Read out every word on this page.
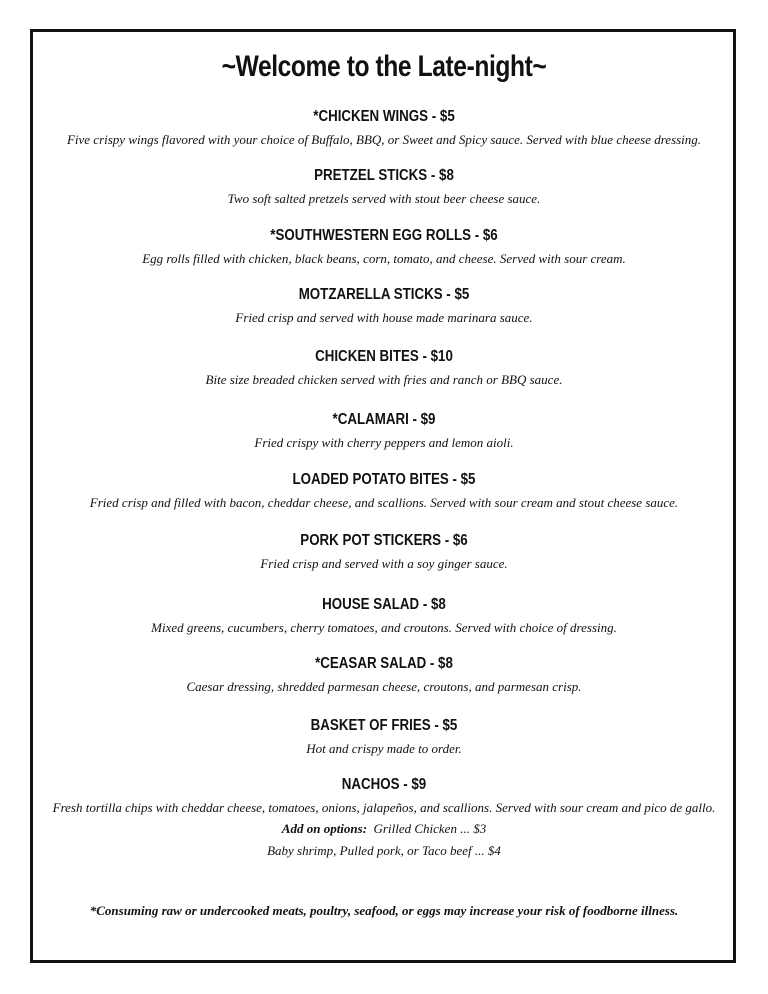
~Welcome to the Late-night~
*CHICKEN WINGS - $5
Five crispy wings flavored with your choice of Buffalo, BBQ, or Sweet and Spicy sauce. Served with blue cheese dressing.
PRETZEL STICKS - $8
Two soft salted pretzels served with stout beer cheese sauce.
*SOUTHWESTERN EGG ROLLS - $6
Egg rolls filled with chicken, black beans, corn, tomato, and cheese. Served with sour cream.
MOTZARELLA STICKS - $5
Fried crisp and served with house made marinara sauce.
CHICKEN BITES - $10
Bite size breaded chicken served with fries and ranch or BBQ sauce.
*CALAMARI - $9
Fried crispy with cherry peppers and lemon aioli.
LOADED POTATO BITES - $5
Fried crisp and filled with bacon, cheddar cheese, and scallions. Served with sour cream and stout cheese sauce.
PORK POT STICKERS - $6
Fried crisp and served with a soy ginger sauce.
HOUSE SALAD - $8
Mixed greens, cucumbers, cherry tomatoes, and croutons. Served with choice of dressing.
*CEASAR SALAD - $8
Caesar dressing, shredded parmesan cheese, croutons, and parmesan crisp.
BASKET OF FRIES - $5
Hot and crispy made to order.
NACHOS - $9
Fresh tortilla chips with cheddar cheese, tomatoes, onions, jalapeños, and scallions. Served with sour cream and pico de gallo.
Add on options: Grilled Chicken ... $3
Baby shrimp, Pulled pork, or Taco beef ... $4
*Consuming raw or undercooked meats, poultry, seafood, or eggs may increase your risk of foodborne illness.
